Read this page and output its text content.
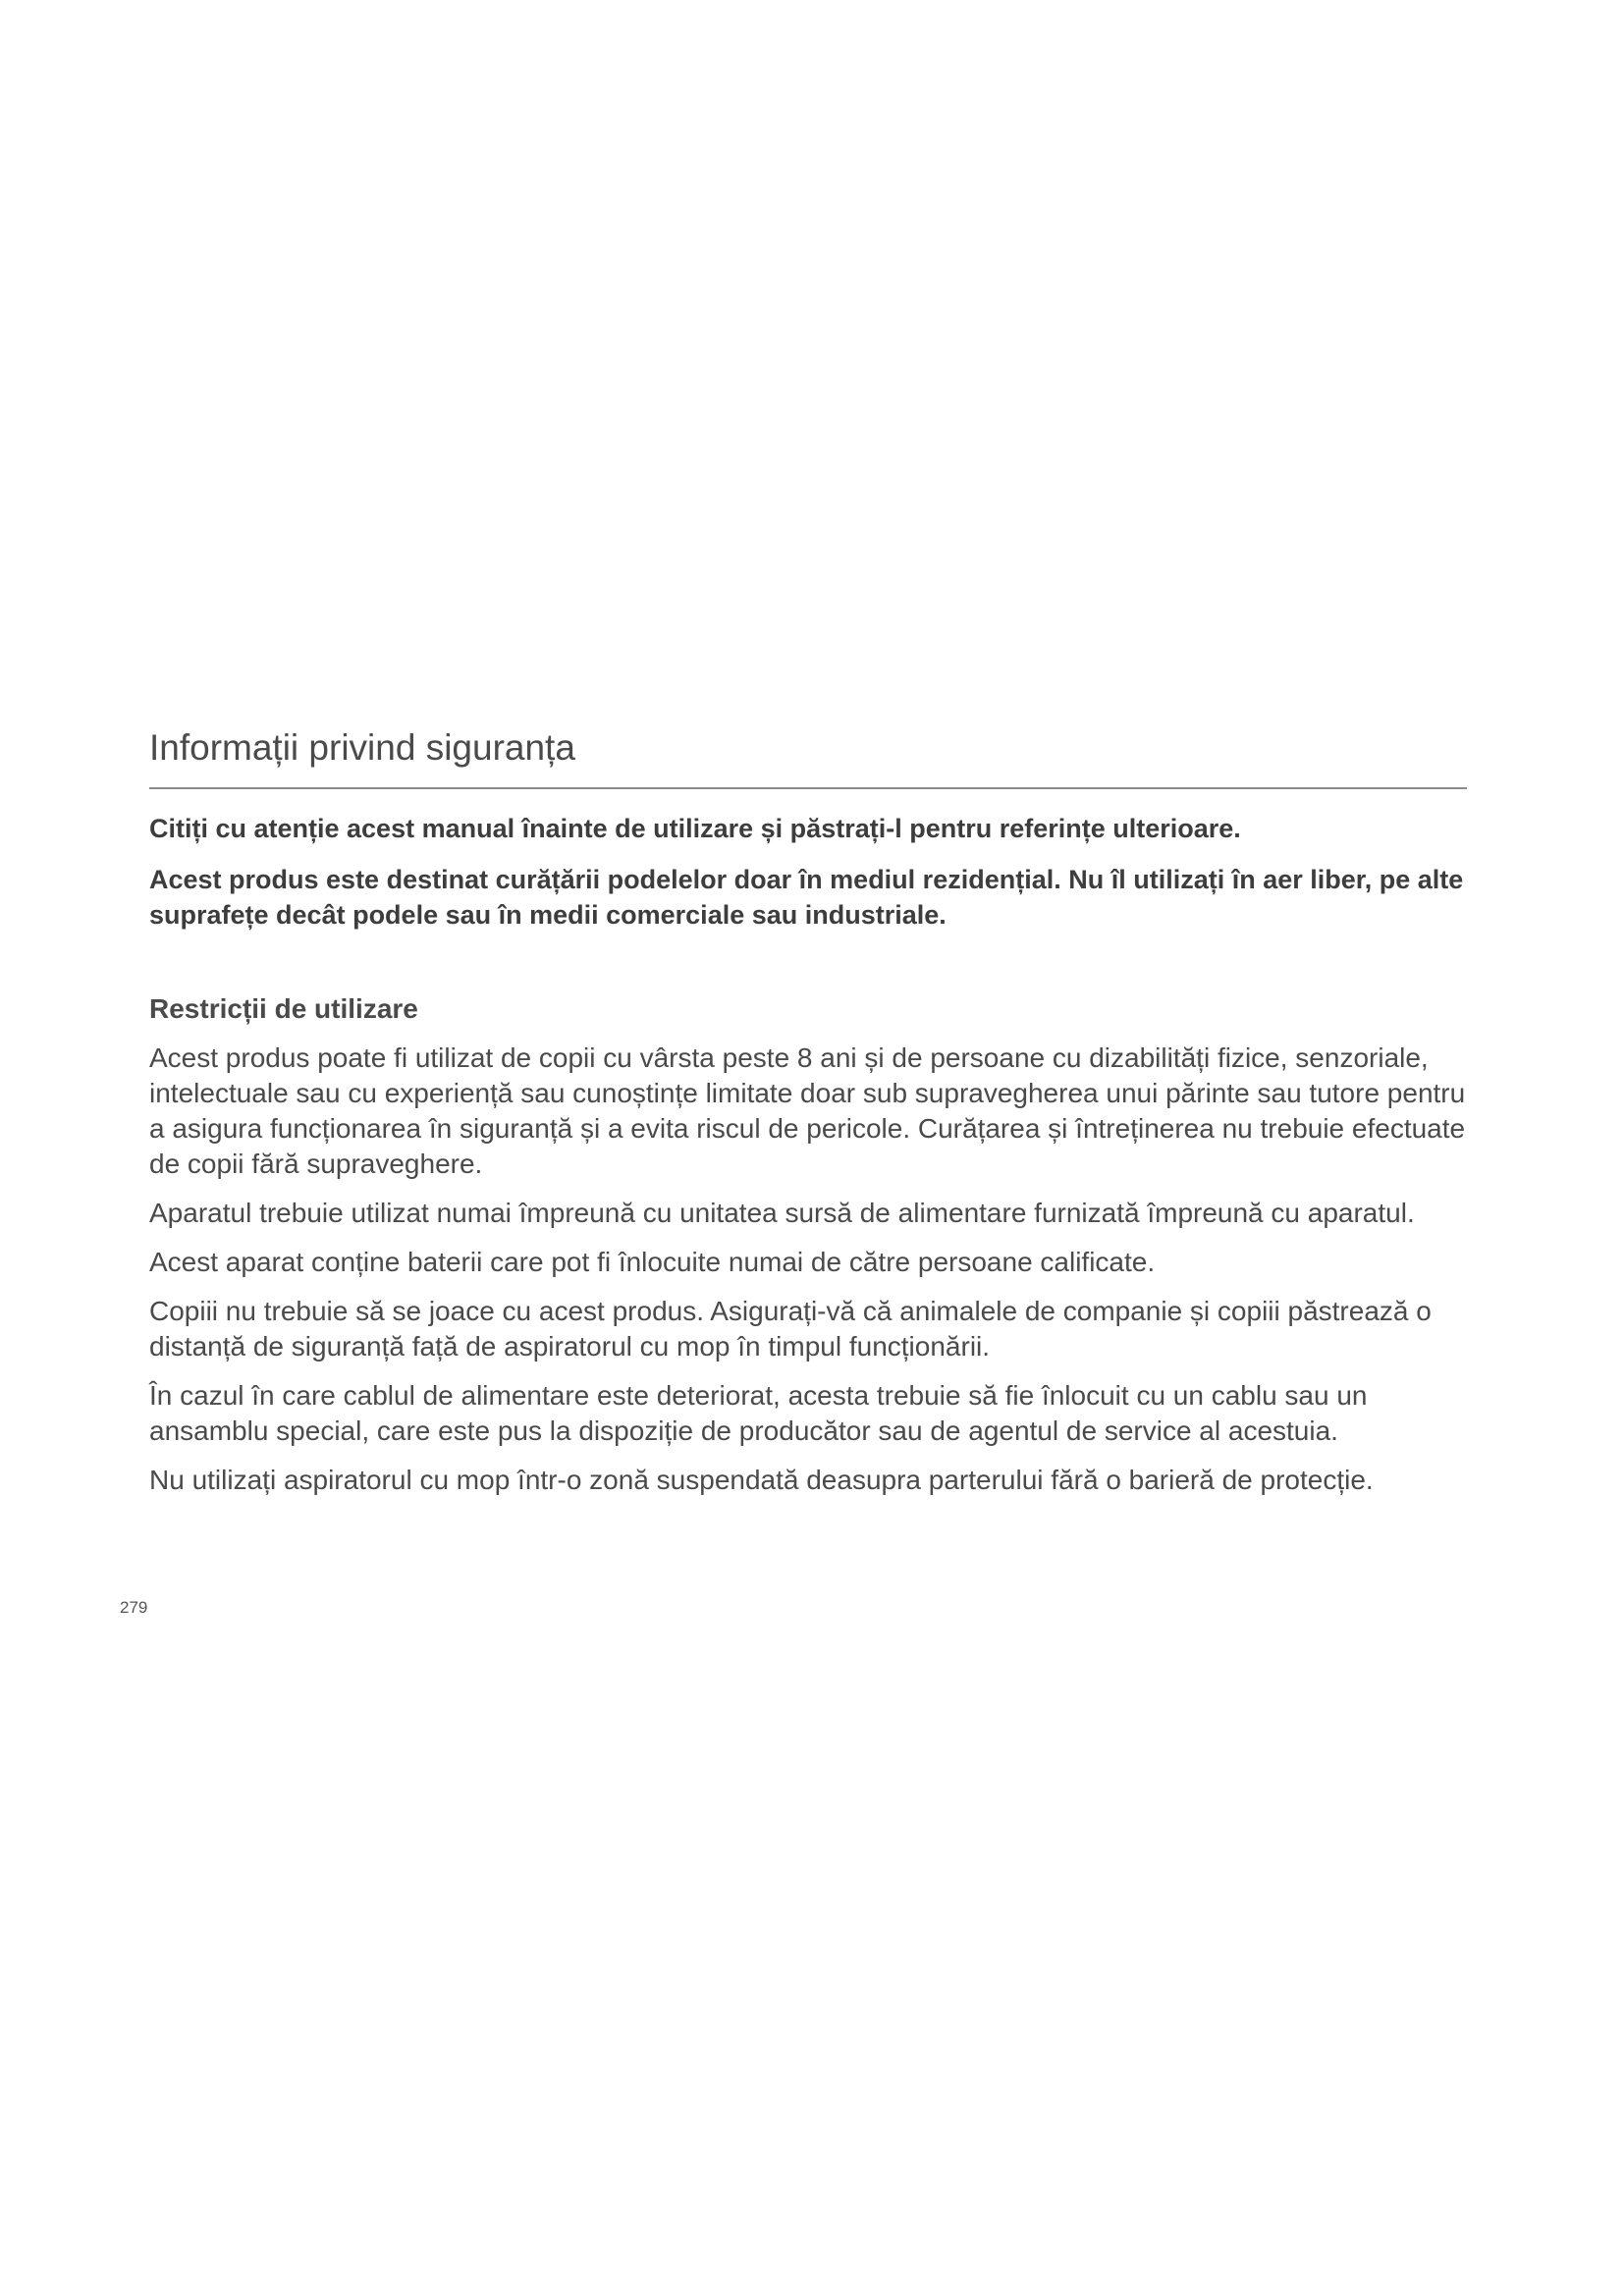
Informații privind siguranța

Citiți cu atenție acest manual înainte de utilizare și păstrați-l pentru referințe ulterioare.

Acest produs este destinat curățării podelelor doar în mediul rezidențial. Nu îl utilizați în aer liber, pe alte suprafețe decât podele sau în medii comerciale sau industriale.

Restricții de utilizare

Acest produs poate fi utilizat de copii cu vârsta peste 8 ani și de persoane cu dizabilități fizice, senzoriale, intelectuale sau cu experiență sau cunoștințe limitate doar sub supravegherea unui părinte sau tutore pentru a asigura funcționarea în siguranță și a evita riscul de pericole. Curățarea și întreținerea nu trebuie efectuate de copii fără supraveghere.

Aparatul trebuie utilizat numai împreună cu unitatea sursă de alimentare furnizată împreună cu aparatul.

Acest aparat conține baterii care pot fi înlocuite numai de către persoane calificate.

Copiii nu trebuie să se joace cu acest produs. Asigurați-vă că animalele de companie și copiii păstrează o distanță de siguranță față de aspiratorul cu mop în timpul funcționării.

În cazul în care cablul de alimentare este deteriorat, acesta trebuie să fie înlocuit cu un cablu sau un ansamblu special, care este pus la dispoziție de producător sau de agentul de service al acestuia.

Nu utilizați aspiratorul cu mop într-o zonă suspendată deasupra parterului fără o barieră de protecție.

279
